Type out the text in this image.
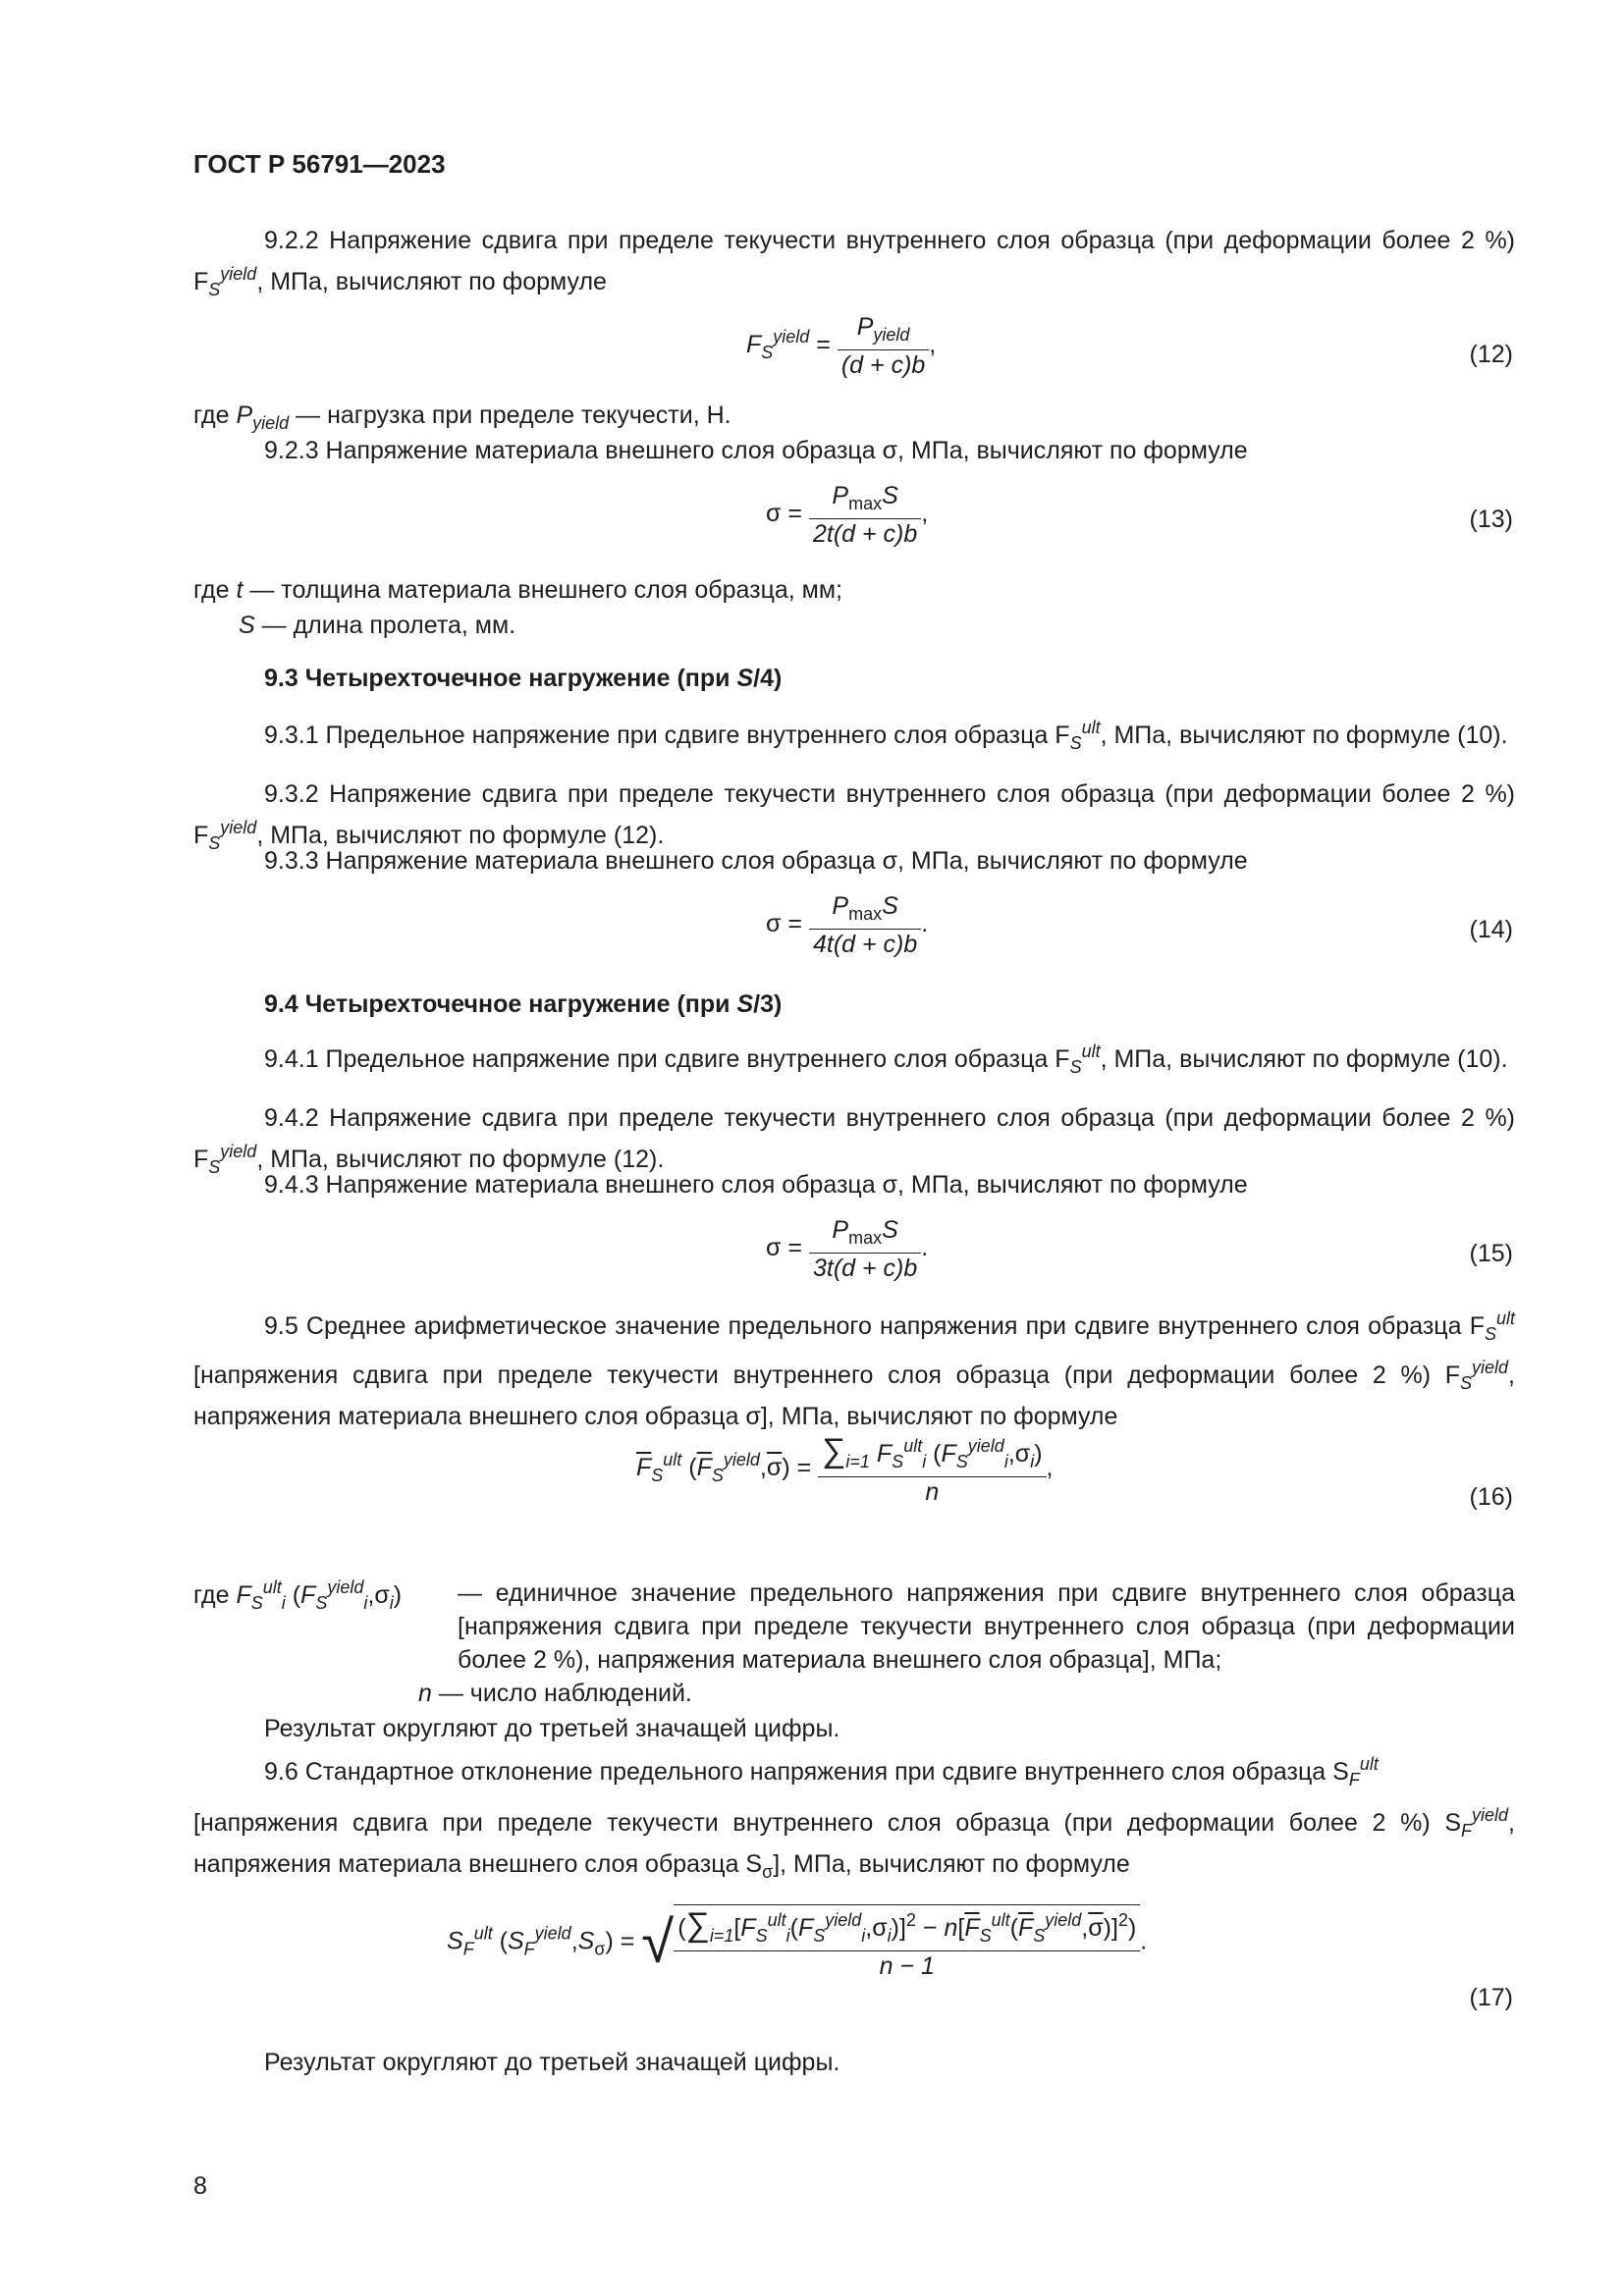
ГОСТ Р 56791—2023
9.2.2 Напряжение сдвига при пределе текучести внутреннего слоя образца (при деформации более 2 %) $F_S^{yield}$, МПа, вычисляют по формуле
$F_S^{yield} = \frac{P_{yield}}{(d + c)b}$ ,	(12)
где $P_{yield}$ — нагрузка при пределе текучести, Н.
9.2.3 Напряжение материала внешнего слоя образца σ, МПа, вычисляют по формуле
$\sigma = \frac{P_{max}S}{2t(d + c)b}$ ,	(13)
где t — толщина материала внешнего слоя образца, мм;
S — длина пролета, мм.
9.3 Четырехточечное нагружение (при S/4)
9.3.1 Предельное напряжение при сдвиге внутреннего слоя образца $F_S^{ult}$, МПа, вычисляют по формуле (10).
9.3.2 Напряжение сдвига при пределе текучести внутреннего слоя образца (при деформации более 2 %) $F_S^{yield}$, МПа, вычисляют по формуле (12).
9.3.3 Напряжение материала внешнего слоя образца σ, МПа, вычисляют по формуле
$\sigma = \frac{P_{max}S}{4t(d + c)b}$ .	(14)
9.4 Четырехточечное нагружение (при S/3)
9.4.1 Предельное напряжение при сдвиге внутреннего слоя образца $F_S^{ult}$, МПа, вычисляют по формуле (10).
9.4.2 Напряжение сдвига при пределе текучести внутреннего слоя образца (при деформации более 2 %) $F_S^{yield}$, МПа, вычисляют по формуле (12).
9.4.3 Напряжение материала внешнего слоя образца σ, МПа, вычисляют по формуле
$\sigma = \frac{P_{max}S}{3t(d + c)b}$ .	(15)
9.5 Среднее арифметическое значение предельного напряжения при сдвиге внутреннего слоя образца $F_S^{ult}$ [напряжения сдвига при пределе текучести внутреннего слоя образца (при деформации более 2 %) $F_S^{yield}$, напряжения материала внешнего слоя образца σ], МПа, вычисляют по формуле
$\overline{F}_S^{ult}$ $(\overline{F}_S^{yield},\overline{\sigma}) = \frac{\sum_{i=1} F_S^{ult}_i (F_S^{yield}_i,\sigma_i)}{n}$ ,
(16)
где $F_S^{ult}_i$ $(F_S^{yield}_i,\sigma_i)$ — единичное значение предельного напряжения при сдвиге внутреннего слоя образца [напряжения сдвига при пределе текучести внутреннего слоя образца (при деформации более 2 %), напряжения материала внешнего слоя образца], МПа;
n — число наблюдений.
Результат округляют до третьей значащей цифры.
9.6 Стандартное отклонение предельного напряжения при сдвиге внутреннего слоя образца $S_F^{ult}$
[напряжения сдвига при пределе текучести внутреннего слоя образца (при деформации более 2 %) $S_F^{yield}$, напряжения материала внешнего слоя образца $S_\sigma$], МПа, вычисляют по формуле
$S_F^{ult}$ $(S_F^{yield},S_\sigma)$ = √ $\frac{(\sum_{i=1}[F_S^{ult}_i(F_S^{yield}_i,\sigma_i)]^2 - n[\overline{F}_S^{ult}(\overline{F}_S^{yield},\overline{\sigma})]^2)}{n - 1}$ .
(17)
Результат округляют до третьей значащей цифры.
8
